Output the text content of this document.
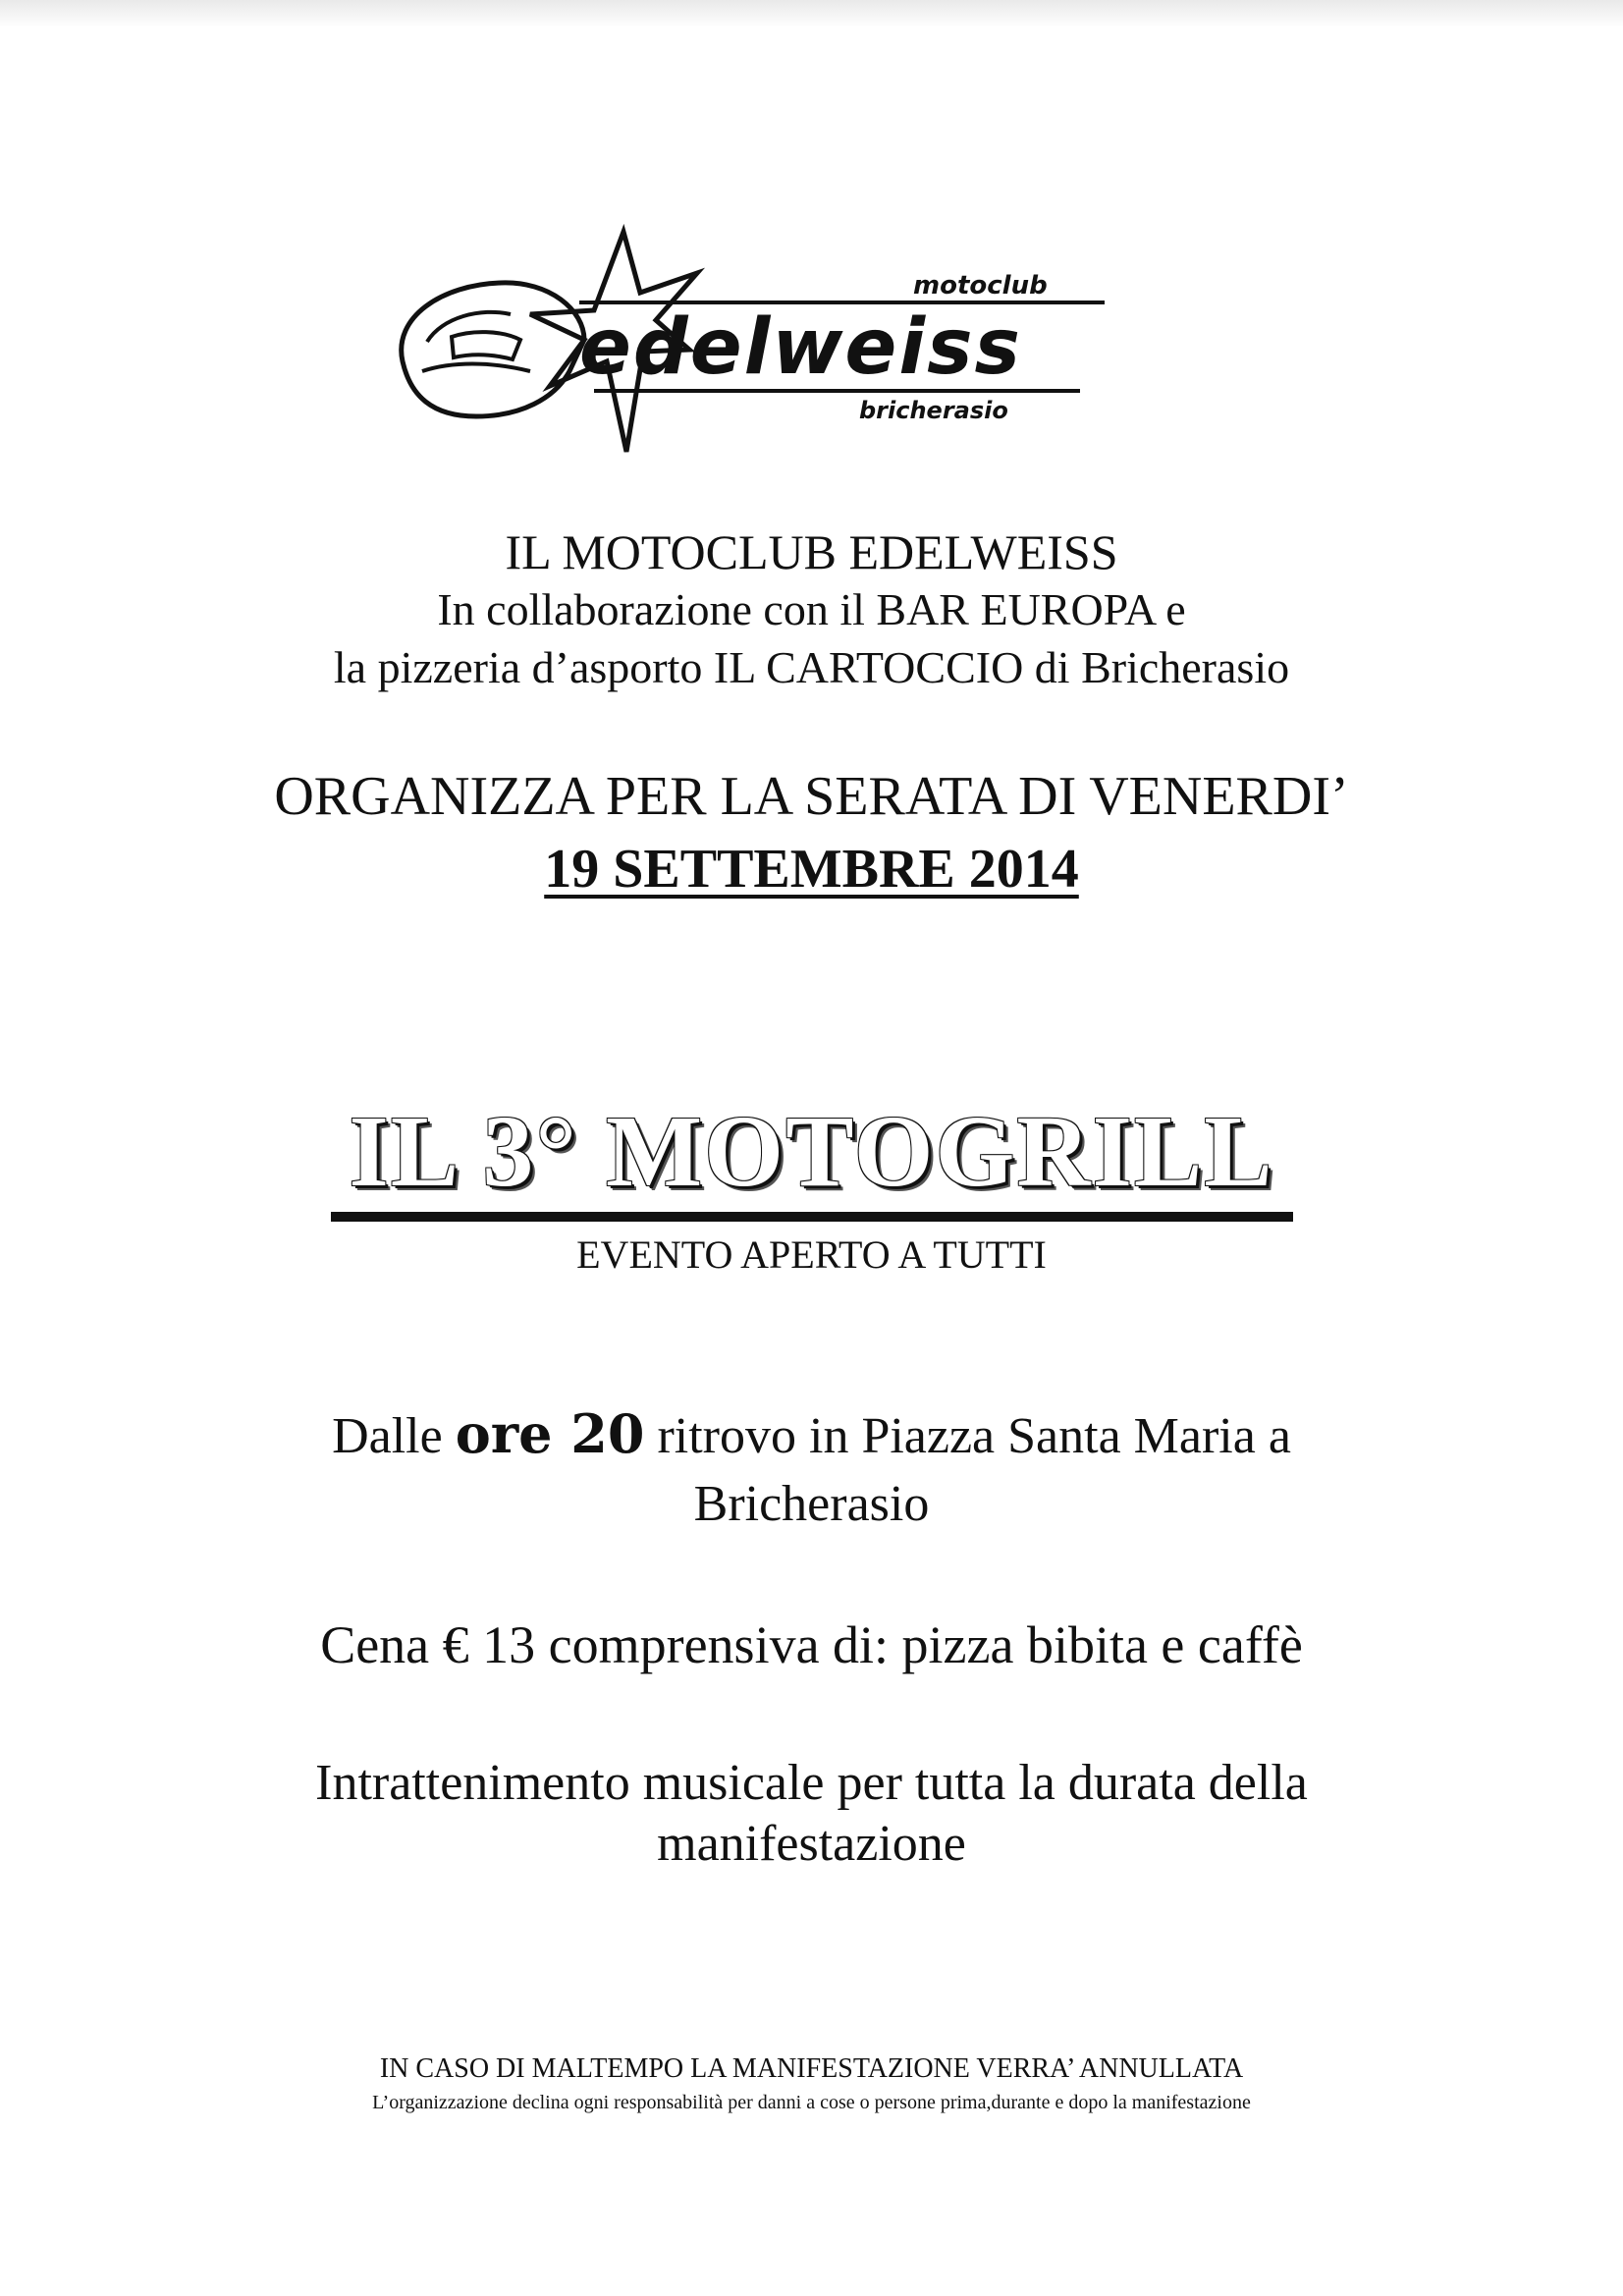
motoclub
edelweiss
bricherasio
IL MOTOCLUB EDELWEISS
In collaborazione con il BAR EUROPA e
la pizzeria d’asporto IL CARTOCCIO di Bricherasio
ORGANIZZA PER LA SERATA DI VENERDI’
19 SETTEMBRE 2014
IL 3° MOTOGRILL
EVENTO APERTO A TUTTI
Dalle ore 20 ritrovo in Piazza Santa Maria a
Bricherasio
Cena € 13 comprensiva di: pizza bibita e caffè
Intrattenimento musicale per tutta la durata della
manifestazione
IN CASO DI MALTEMPO LA MANIFESTAZIONE VERRA’ ANNULLATA
L’organizzazione declina ogni responsabilità per danni a cose o persone prima,durante e dopo la manifestazione
